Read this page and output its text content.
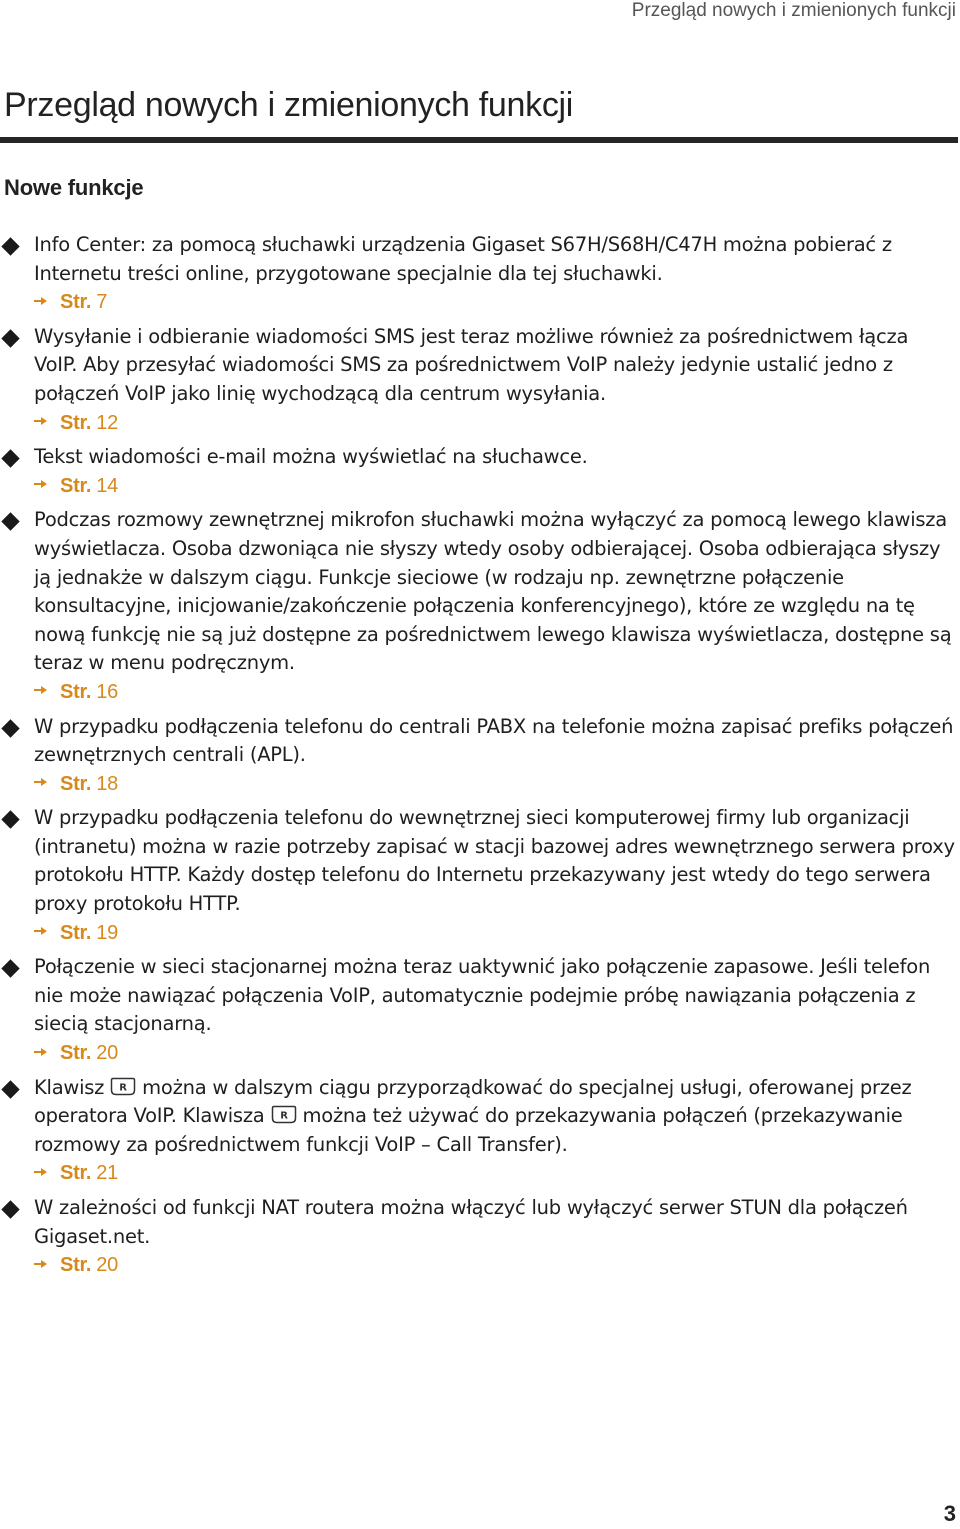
Przegląd nowych i zmienionych funkcji
Przegląd nowych i zmienionych funkcji
Nowe funkcje
Info Center: za pomocą słuchawki urządzenia Gigaset S67H/S68H/C47H można pobierać z Internetu treści online, przygotowane specjalnie dla tej słuchawki.
Str. 7
Wysyłanie i odbieranie wiadomości SMS jest teraz możliwe również za pośrednictwem łącza VoIP. Aby przesyłać wiadomości SMS za pośrednictwem VoIP należy jedynie ustalić jedno z połączeń VoIP jako linię wychodzącą dla centrum wysyłania.
Str. 12
Tekst wiadomości e-mail można wyświetlać na słuchawce.
Str. 14
Podczas rozmowy zewnętrznej mikrofon słuchawki można wyłączyć za pomocą lewego klawisza wyświetlacza. Osoba dzwoniąca nie słyszy wtedy osoby odbierającej. Osoba odbierająca słyszy ją jednakże w dalszym ciągu. Funkcje sieciowe (w rodzaju np. zewnętrzne połączenie konsultacyjne, inicjowanie/zakończenie połączenia konferencyjnego), które ze względu na tę nową funkcję nie są już dostępne za pośrednictwem lewego klawisza wyświetlacza, dostępne są teraz w menu podręcznym.
Str. 16
W przypadku podłączenia telefonu do centrali PABX na telefonie można zapisać prefiks połączeń zewnętrznych centrali (APL).
Str. 18
W przypadku podłączenia telefonu do wewnętrznej sieci komputerowej firmy lub organizacji (intranetu) można w razie potrzeby zapisać w stacji bazowej adres wewnętrznego serwera proxy protokołu HTTP. Każdy dostęp telefonu do Internetu przekazywany jest wtedy do tego serwera proxy protokołu HTTP.
Str. 19
Połączenie w sieci stacjonarnej można teraz uaktywnić jako połączenie zapasowe. Jeśli telefon nie może nawiązać połączenia VoIP, automatycznie podejmie próbę nawiązania połączenia z siecią stacjonarną.
Str. 20
Klawisz R można w dalszym ciągu przyporządkować do specjalnej usługi, oferowanej przez operatora VoIP. Klawisza R można też używać do przekazywania połączeń (przekazywanie rozmowy za pośrednictwem funkcji VoIP – Call Transfer).
Str. 21
W zależności od funkcji NAT routera można włączyć lub wyłączyć serwer STUN dla połączeń Gigaset.net.
Str. 20
3
